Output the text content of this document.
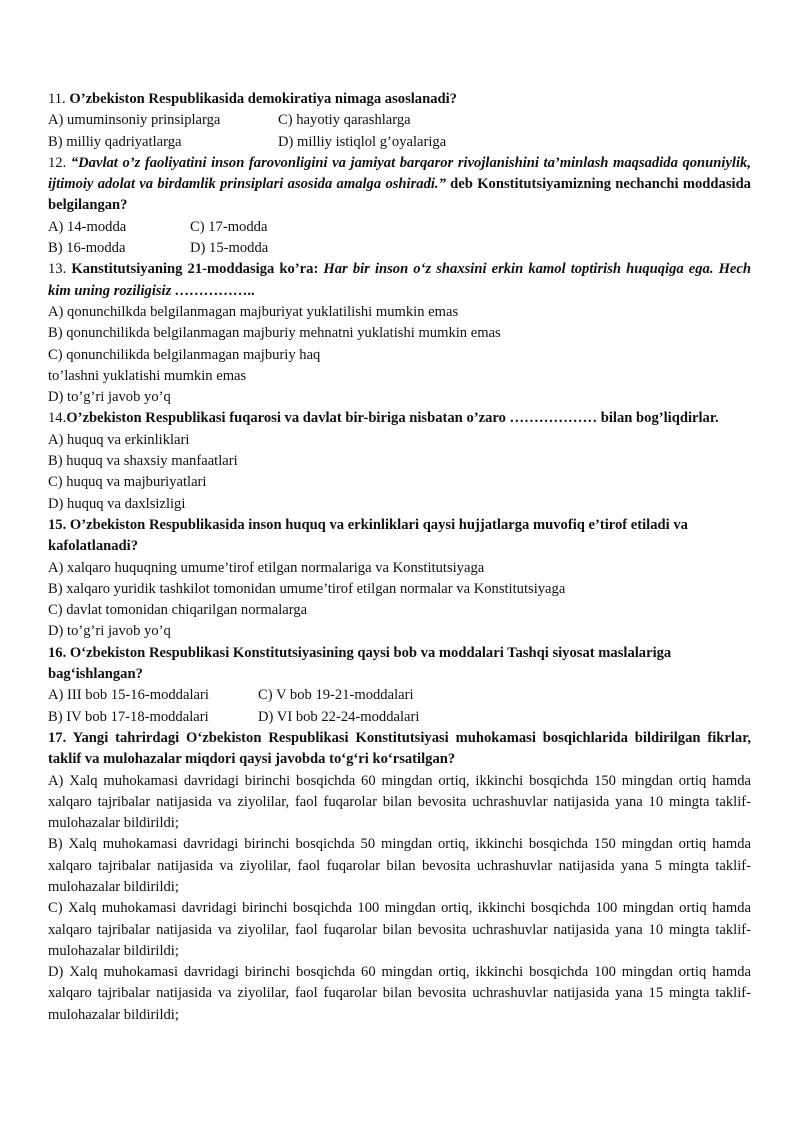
11. O’zbekiston Respublikasida demokiratiya nimaga asoslanadi?
A) umuminsoniy prinsiplarga	C) hayotiy qarashlarga
B) milliy qadriyatlarga	D) milliy istiqlol g’oyalariga
12. “Davlat o’z faoliyatini inson farovonligini va jamiyat barqaror rivojlanishini ta’minlash maqsadida qonuniylik, ijtimoiy adolat va birdamlik prinsiplari asosida amalga oshiradi.” deb Konstitutsiyamizning nechanchi moddasida belgilangan?
A) 14-modda	C) 17-modda
B) 16-modda	D) 15-modda
13. Kanstitutsiyaning 21-moddasiga ko’ra: Har bir inson o‘z shaxsini erkin kamol toptirish huquqiga ega. Hech kim uning roziligisiz ……………..
A) qonunchilkda belgilanmagan majburiyat yuklatilishi mumkin emas
B) qonunchilikda belgilanmagan majburiy mehnatni yuklatishi mumkin emas
C) qonunchilikda belgilanmagan majburiy haq
to’lashni yuklatishi mumkin emas
D) to’g’ri javob yo’q
14.O’zbekiston Respublikasi fuqarosi va davlat bir-biriga nisbatan o’zaro ……………… bilan bog’liqdirlar.
A) huquq va erkinliklari
B) huquq va shaxsiy manfaatlari
C) huquq va majburiyatlari
D) huquq va daxlsizligi
15. O’zbekiston Respublikasida inson huquq va erkinliklari qaysi hujjatlarga muvofiq e’tirof etiladi va kafolatlanadi?
A) xalqaro huquqning umume’tirof etilgan normalariga va Konstitutsiyaga
B) xalqaro yuridik tashkilot tomonidan umume’tirof etilgan normalar va Konstitutsiyaga
C) davlat tomonidan chiqarilgan normalarga
D) to’g’ri javob yo’q
16. O‘zbekiston Respublikasi Konstitutsiyasining qaysi bob va moddalari Tashqi siyosat maslalariga bag‘ishlangan?
A) III bob 15-16-moddalari	C) V bob 19-21-moddalari
B) IV bob 17-18-moddalari	D) VI bob 22-24-moddalari
17. Yangi tahrirdagi O‘zbekiston Respublikasi Konstitutsiyasi muhokamasi bosqichlarida bildirilgan fikrlar, taklif va mulohazalar miqdori qaysi javobda to‘g‘ri ko‘rsatilgan?
A) Xalq muhokamasi davridagi birinchi bosqichda 60 mingdan ortiq, ikkinchi bosqichda 150 mingdan ortiq hamda xalqaro tajribalar natijasida va ziyolilar, faol fuqarolar bilan bevosita uchrashuvlar natijasida yana 10 mingta taklif-mulohazalar bildirildi;
B) Xalq muhokamasi davridagi birinchi bosqichda 50 mingdan ortiq, ikkinchi bosqichda 150 mingdan ortiq hamda xalqaro tajribalar natijasida va ziyolilar, faol fuqarolar bilan bevosita uchrashuvlar natijasida yana 5 mingta taklif-mulohazalar bildirildi;
C) Xalq muhokamasi davridagi birinchi bosqichda 100 mingdan ortiq, ikkinchi bosqichda 100 mingdan ortiq hamda xalqaro tajribalar natijasida va ziyolilar, faol fuqarolar bilan bevosita uchrashuvlar natijasida yana 10 mingta taklif-mulohazalar bildirildi;
D) Xalq muhokamasi davridagi birinchi bosqichda 60 mingdan ortiq, ikkinchi bosqichda 100 mingdan ortiq hamda xalqaro tajribalar natijasida va ziyolilar, faol fuqarolar bilan bevosita uchrashuvlar natijasida yana 15 mingta taklif-mulohazalar bildirildi;
